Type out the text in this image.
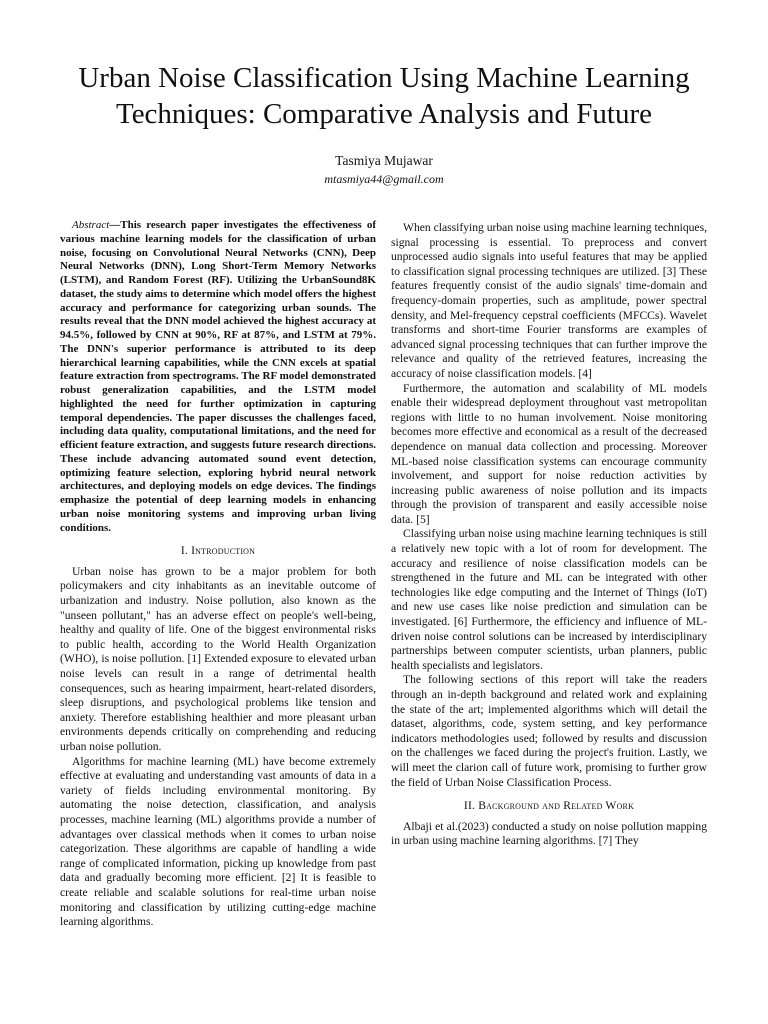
Urban Noise Classification Using Machine Learning Techniques: Comparative Analysis and Future
Tasmiya Mujawar
mtasmiya44@gmail.com

Abstract—This research paper investigates the effectiveness of various machine learning models for the classification of urban noise, focusing on Convolutional Neural Networks (CNN), Deep Neural Networks (DNN), Long Short-Term Memory Networks (LSTM), and Random Forest (RF). Utilizing the UrbanSound8K dataset, the study aims to determine which model offers the highest accuracy and performance for categorizing urban sounds. The results reveal that the DNN model achieved the highest accuracy at 94.5%, followed by CNN at 90%, RF at 87%, and LSTM at 79%. The DNN's superior performance is attributed to its deep hierarchical learning capabilities, while the CNN excels at spatial feature extraction from spectrograms. The RF model demonstrated robust generalization capabilities, and the LSTM model highlighted the need for further optimization in capturing temporal dependencies. The paper discusses the challenges faced, including data quality, computational limitations, and the need for efficient feature extraction, and suggests future research directions. These include advancing automated sound event detection, optimizing feature selection, exploring hybrid neural network architectures, and deploying models on edge devices. The findings emphasize the potential of deep learning models in enhancing urban noise monitoring systems and improving urban living conditions.

I. Introduction

Urban noise has grown to be a major problem for both policymakers and city inhabitants as an inevitable outcome of urbanization and industry. Noise pollution, also known as the "unseen pollutant," has an adverse effect on people's well-being, healthy and quality of life. One of the biggest environmental risks to public health, according to the World Health Organization (WHO), is noise pollution. [1] Extended exposure to elevated urban noise levels can result in a range of detrimental health consequences, such as hearing impairment, heart-related disorders, sleep disruptions, and psychological problems like tension and anxiety. Therefore establishing healthier and more pleasant urban environments depends critically on comprehending and reducing urban noise pollution.

Algorithms for machine learning (ML) have become extremely effective at evaluating and understanding vast amounts of data in a variety of fields including environmental monitoring. By automating the noise detection, classification, and analysis processes, machine learning (ML) algorithms provide a number of advantages over classical methods when it comes to urban noise categorization. These algorithms are capable of handling a wide range of complicated information, picking up knowledge from past data and gradually becoming more efficient. [2] It is feasible to create reliable and scalable solutions for real-time urban noise monitoring and classification by utilizing cutting-edge machine learning algorithms.

When classifying urban noise using machine learning techniques, signal processing is essential. To preprocess and convert unprocessed audio signals into useful features that may be applied to classification signal processing techniques are utilized. [3] These features frequently consist of the audio signals' time-domain and frequency-domain properties, such as amplitude, power spectral density, and Mel-frequency cepstral coefficients (MFCCs). Wavelet transforms and short-time Fourier transforms are examples of advanced signal processing techniques that can further improve the relevance and quality of the retrieved features, increasing the accuracy of noise classification models. [4]

Furthermore, the automation and scalability of ML models enable their widespread deployment throughout vast metropolitan regions with little to no human involvement. Noise monitoring becomes more effective and economical as a result of the decreased dependence on manual data collection and processing. Moreover ML-based noise classification systems can encourage community involvement, and support for noise reduction activities by increasing public awareness of noise pollution and its impacts through the provision of transparent and easily accessible noise data. [5]

Classifying urban noise using machine learning techniques is still a relatively new topic with a lot of room for development. The accuracy and resilience of noise classification models can be strengthened in the future and ML can be integrated with other technologies like edge computing and the Internet of Things (IoT) and new use cases like noise prediction and simulation can be investigated. [6] Furthermore, the efficiency and influence of ML-driven noise control solutions can be increased by interdisciplinary partnerships between computer scientists, urban planners, public health specialists and legislators.

The following sections of this report will take the readers through an in-depth background and related work and explaining the state of the art; implemented algorithms which will detail the dataset, algorithms, code, system setting, and key performance indicators methodologies used; followed by results and discussion on the challenges we faced during the project's fruition. Lastly, we will meet the clarion call of future work, promising to further grow the field of Urban Noise Classification Process.

II. Background and Related Work

Albaji et al.(2023) conducted a study on noise pollution mapping in urban using machine learning algorithms. [7] They
